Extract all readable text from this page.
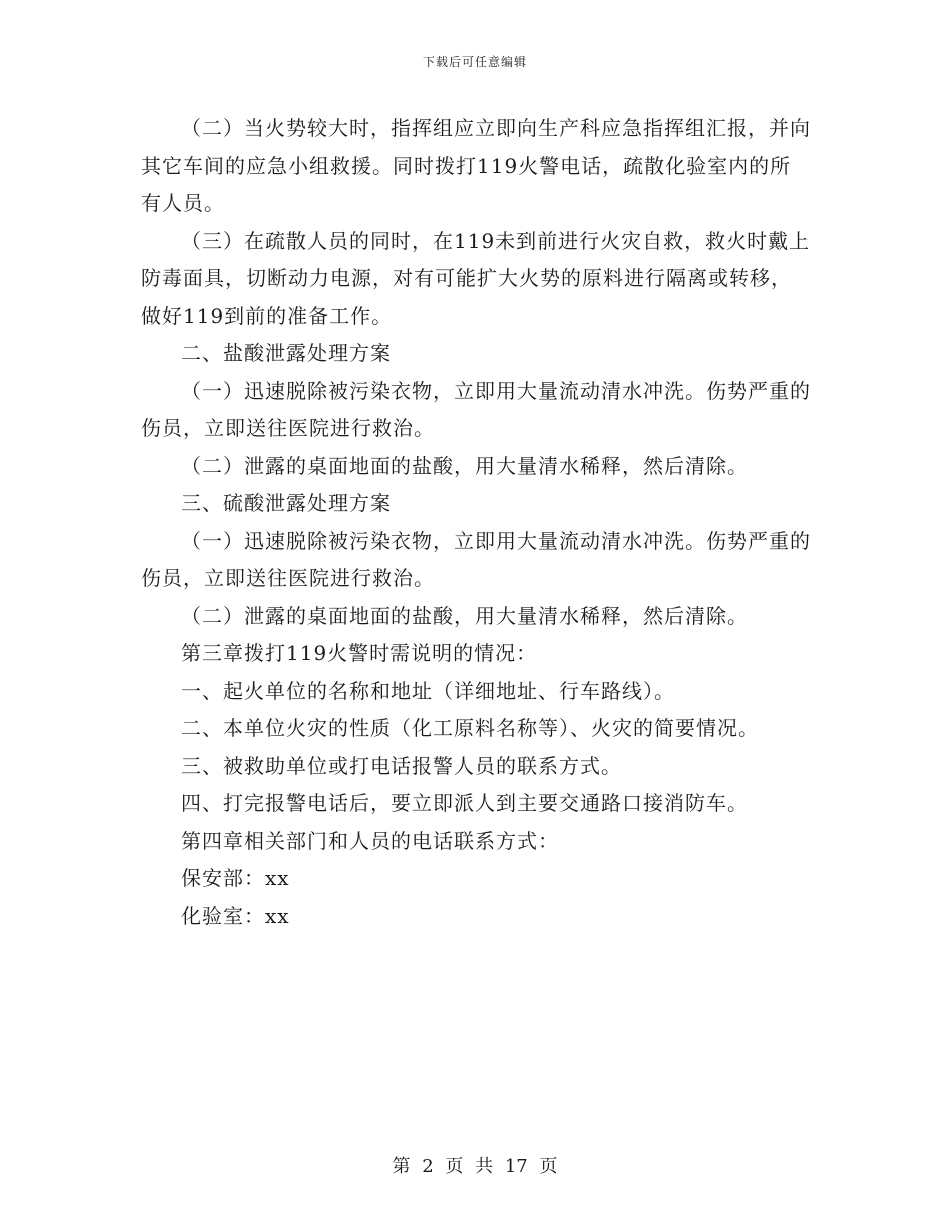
下载后可任意编辑

（二）当火势较大时，指挥组应立即向生产科应急指挥组汇报，并向其它车间的应急小组救援。同时拨打119火警电话，疏散化验室内的所有人员。

（三）在疏散人员的同时，在119未到前进行火灾自救，救火时戴上防毒面具，切断动力电源，对有可能扩大火势的原料进行隔离或转移，做好119到前的准备工作。

二、盐酸泄露处理方案

（一）迅速脱除被污染衣物，立即用大量流动清水冲洗。伤势严重的伤员，立即送往医院进行救治。

（二）泄露的桌面地面的盐酸，用大量清水稀释，然后清除。

三、硫酸泄露处理方案

（一）迅速脱除被污染衣物，立即用大量流动清水冲洗。伤势严重的伤员，立即送往医院进行救治。

（二）泄露的桌面地面的盐酸，用大量清水稀释，然后清除。

第三章拨打119火警时需说明的情况：

一、起火单位的名称和地址（详细地址、行车路线）。

二、本单位火灾的性质（化工原料名称等）、火灾的简要情况。

三、被救助单位或打电话报警人员的联系方式。

四、打完报警电话后，要立即派人到主要交通路口接消防车。

第四章相关部门和人员的电话联系方式：

保安部：xx

化验室：xx

第 2 页 共 17 页
